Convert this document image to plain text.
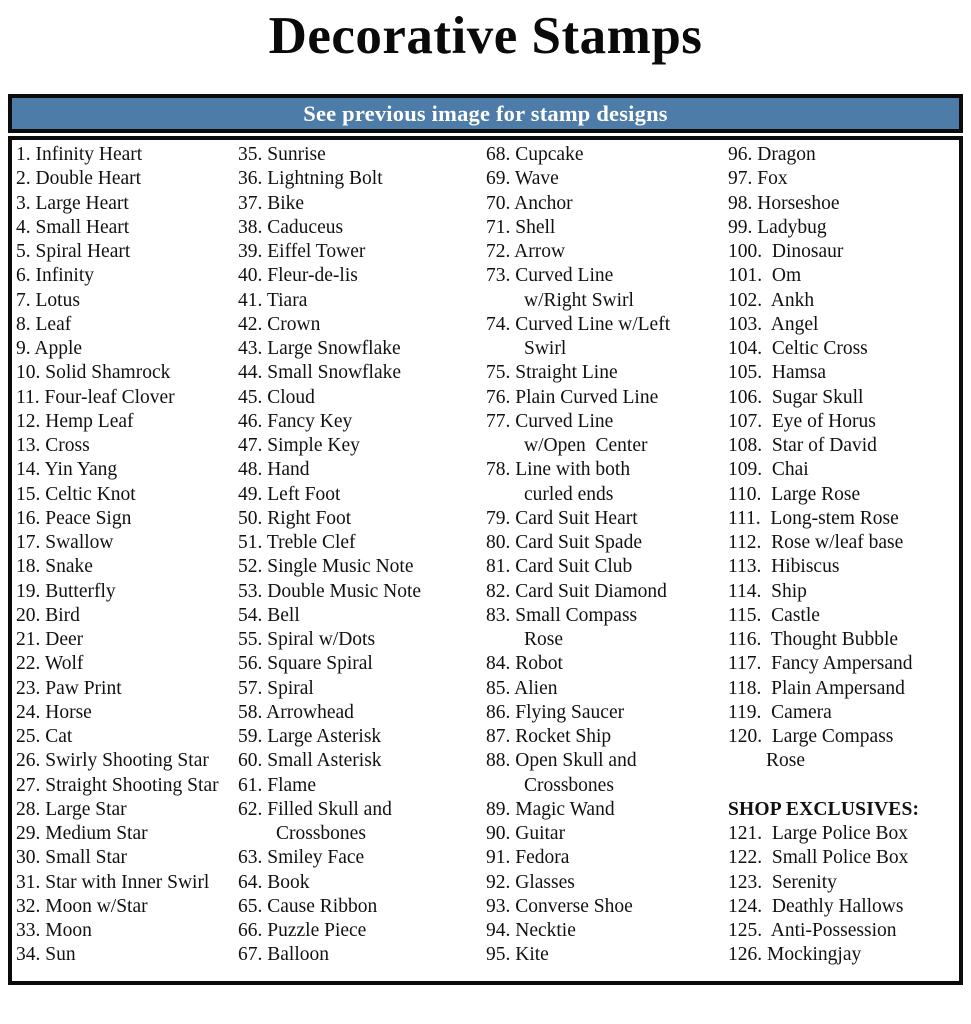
Decorative Stamps
See previous image for stamp designs
1. Infinity Heart
2. Double Heart
3. Large Heart
4. Small Heart
5. Spiral Heart
6. Infinity
7. Lotus
8. Leaf
9. Apple
10. Solid Shamrock
11. Four-leaf Clover
12. Hemp Leaf
13. Cross
14. Yin Yang
15. Celtic Knot
16. Peace Sign
17. Swallow
18. Snake
19. Butterfly
20. Bird
21. Deer
22. Wolf
23. Paw Print
24. Horse
25. Cat
26. Swirly Shooting Star
27. Straight Shooting Star
28. Large Star
29. Medium Star
30. Small Star
31. Star with Inner Swirl
32. Moon w/Star
33. Moon
34. Sun
35. Sunrise
36. Lightning Bolt
37. Bike
38. Caduceus
39. Eiffel Tower
40. Fleur-de-lis
41. Tiara
42. Crown
43. Large Snowflake
44. Small Snowflake
45. Cloud
46. Fancy Key
47. Simple Key
48. Hand
49. Left Foot
50. Right Foot
51. Treble Clef
52. Single Music Note
53. Double Music Note
54. Bell
55. Spiral w/Dots
56. Square Spiral
57. Spiral
58. Arrowhead
59. Large Asterisk
60. Small Asterisk
61. Flame
62. Filled Skull and
Crossbones
63. Smiley Face
64. Book
65. Cause Ribbon
66. Puzzle Piece
67. Balloon
68. Cupcake
69. Wave
70. Anchor
71. Shell
72. Arrow
73. Curved Line
w/Right Swirl
74. Curved Line w/Left
Swirl
75. Straight Line
76. Plain Curved Line
77. Curved Line
w/Open  Center
78. Line with both
curled ends
79. Card Suit Heart
80. Card Suit Spade
81. Card Suit Club
82. Card Suit Diamond
83. Small Compass
Rose
84. Robot
85. Alien
86. Flying Saucer
87. Rocket Ship
88. Open Skull and
Crossbones
89. Magic Wand
90. Guitar
91. Fedora
92. Glasses
93. Converse Shoe
94. Necktie
95. Kite
96. Dragon
97. Fox
98. Horseshoe
99. Ladybug
100.  Dinosaur
101.  Om
102.  Ankh
103.  Angel
104.  Celtic Cross
105.  Hamsa
106.  Sugar Skull
107.  Eye of Horus
108.  Star of David
109.  Chai
110.  Large Rose
111.  Long-stem Rose
112.  Rose w/leaf base
113.  Hibiscus
114.  Ship
115.  Castle
116.  Thought Bubble
117.  Fancy Ampersand
118.  Plain Ampersand
119.  Camera
120.  Large Compass
Rose
SHOP EXCLUSIVES:
121.  Large Police Box
122.  Small Police Box
123.  Serenity
124.  Deathly Hallows
125.  Anti-Possession
126. Mockingjay
